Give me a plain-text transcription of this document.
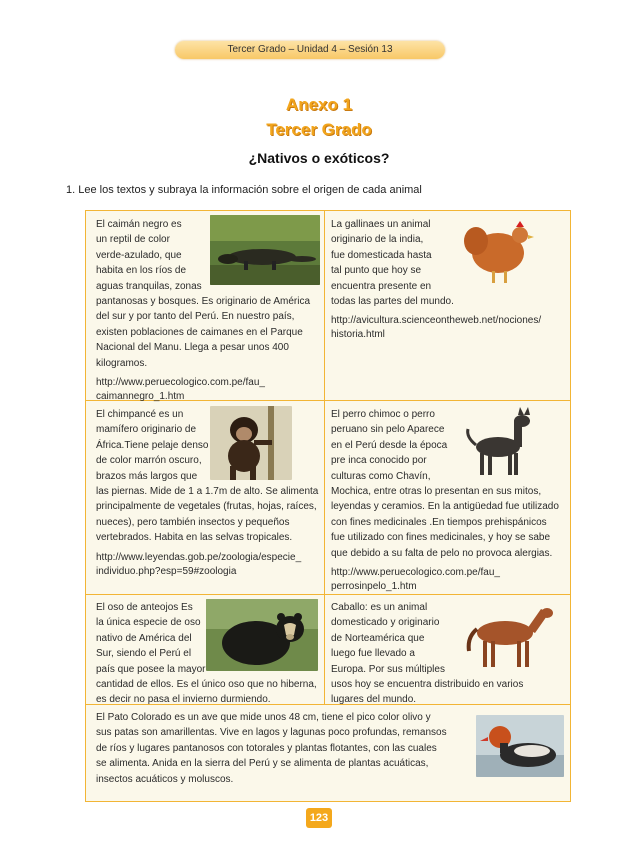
Tercer Grado – Unidad 4 – Sesión 13
Anexo 1
Tercer Grado
¿Nativos o exóticos?
1. Lee los textos y subraya la información sobre el origen de cada animal

El caimán negro es

un reptil de color

verde-azulado, que

habita en los ríos de

aguas tranquilas, zonas

pantanosas y bosques. Es originario de América

del sur y por tanto del Perú. En nuestro país,

existen poblaciones de caimanes en el Parque

Nacional del Manu. Llega a pesar unos 400

kilogramos.

http://www.peruecologico.com.pe/fau_

caimannegro_1.htm

La gallinaes un animal

originario de la india,

fue domesticada hasta

tal punto que hoy se

encuentra presente en

todas las partes del mundo.

http://avicultura.scienceontheweb.net/nociones/

historia.html

El chimpancé es un

mamífero originario de

África.Tiene pelaje denso

de color marrón oscuro,

brazos más largos que

las piernas. Mide de 1 a 1.7m de alto. Se alimenta

principalmente de vegetales (frutas, hojas, raíces,

nueces), pero también insectos y pequeños

vertebrados. Habita en las selvas tropicales.

http://www.leyendas.gob.pe/zoologia/especie_

individuo.php?esp=59#zoologia

El perro chimoc o perro

peruano sin pelo Aparece

en el Perú desde la época

pre inca conocido por

culturas como Chavín,

Mochica, entre otras lo presentan en sus mitos,

leyendas y ceramios. En la antigüedad fue utilizado

con fines medicinales .En tiempos prehispánicos

fue utilizado con fines medicinales, y hoy se sabe

que debido a su falta de pelo no provoca alergias.

http://www.peruecologico.com.pe/fau_

perrosinpelo_1.htm

El oso de anteojos Es

la única especie de oso

nativo de América del

Sur, siendo el Perú el

país que posee la mayor

cantidad de ellos. Es el único oso que no hiberna,

es decir no pasa el invierno durmiendo.

Caballo: es un animal

domesticado y originario

de Norteamérica que

luego fue llevado a

Europa. Por sus múltiples

usos hoy se encuentra distribuido en varios

lugares del mundo.

El Pato Colorado es un ave que mide unos 48 cm, tiene el pico color olivo y

sus patas son amarillentas. Vive en lagos y lagunas poco profundas, remansos

de ríos y lugares pantanosos con totorales y plantas flotantes, con las cuales

se alimenta. Anida en la sierra del Perú y se alimenta de plantas acuáticas,

insectos acuáticos y moluscos.

123
